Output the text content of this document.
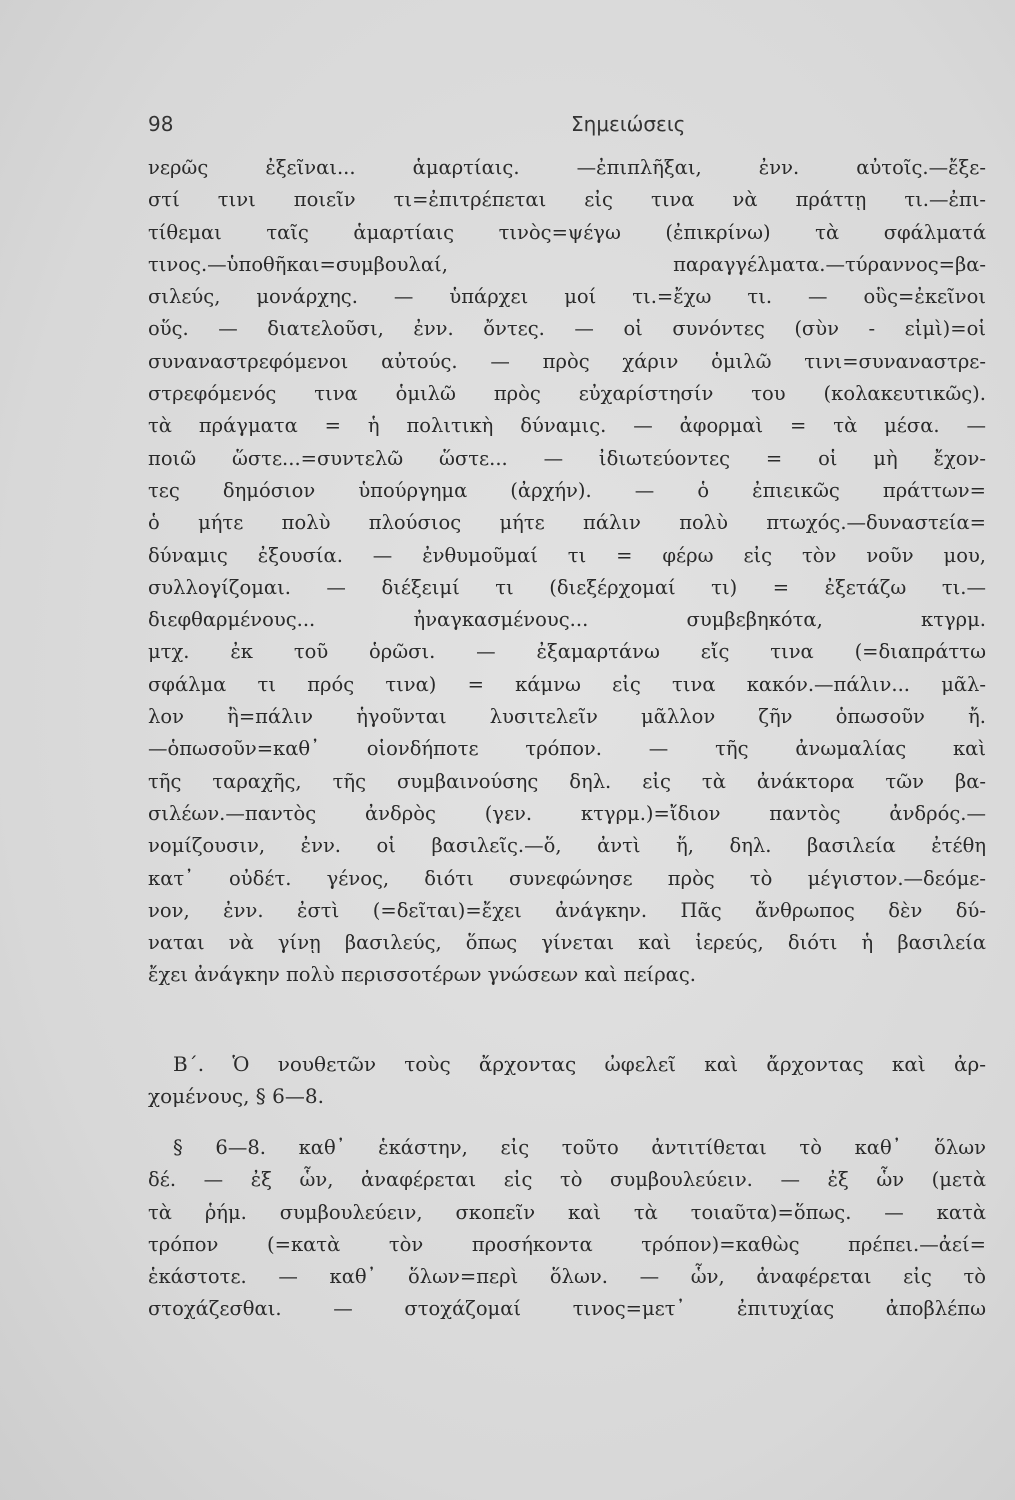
98	Σημειώσεις
νερῶς ἐξεῖναι... ἁμαρτίαις. —ἐπιπλῆξαι, ἐνν. αὐτοῖς.—ἔξε-
στί τινι ποιεῖν τι=ἐπιτρέπεται εἰς τινα νὰ πράττῃ τι.—ἐπι-
τίθεμαι ταῖς ἁμαρτίαις τινὸς=ψέγω (ἐπικρίνω) τὰ σφάλματά
τινος.—ὑποθῆκαι=συμβουλαί, παραγγέλματα.—τύραννος=βα-
σιλεύς, μονάρχης. — ὑπάρχει μοί τι.=ἔχω τι. — οὓς=ἐκεῖνοι
οὕς. — διατελοῦσι, ἐνν. ὄντες. — οἱ συνόντες (σὺν - εἰμὶ)=οἱ
συναναστρεφόμενοι αὐτούς. — πρὸς χάριν ὁμιλῶ τινι=συναναστρε-
στρεφόμενός τινα ὁμιλῶ πρὸς εὐχαρίστησίν του (κολακευτικῶς).
τὰ πράγματα = ἡ πολιτικὴ δύναμις. — ἀφορμαὶ = τὰ μέσα. —
ποιῶ ὥστε...=συντελῶ ὥστε... — ἰδιωτεύοντες = οἱ μὴ ἔχον-
τες δημόσιον ὑπούργημα (ἀρχήν). — ὁ ἐπιεικῶς πράττων=
ὁ μήτε πολὺ πλούσιος μήτε πάλιν πολὺ πτωχός.—δυναστεία=
δύναμις ἐξουσία. — ἐνθυμοῦμαί τι = φέρω εἰς τὸν νοῦν μου,
συλλογίζομαι. — διέξειμί τι (διεξέρχομαί τι) = ἐξετάζω τι.—
διεφθαρμένους... ἠναγκασμένους... συμβεβηκότα, κτγρμ.
μτχ. ἐκ τοῦ ὁρῶσι. — ἐξαμαρτάνω εἴς τινα (=διαπράττω
σφάλμα τι πρός τινα) = κάμνω εἰς τινα κακόν.—πάλιν... μᾶλ-
λον ἢ=πάλιν ἡγοῦνται λυσιτελεῖν μᾶλλον ζῆν ὁπωσοῦν ἤ.
—ὁπωσοῦν=καθ᾽ οἱονδήποτε τρόπον. — τῆς ἀνωμαλίας καὶ
τῆς ταραχῆς, τῆς συμβαινούσης δηλ. εἰς τὰ ἀνάκτορα τῶν βα-
σιλέων.—παντὸς ἀνδρὸς (γεν. κτγρμ.)=ἴδιον παντὸς ἀνδρός.—
νομίζουσιν, ἐνν. οἱ βασιλεῖς.—ὅ, ἀντὶ ἥ, δηλ. βασιλεία ἐτέθη
κατ᾽ οὐδέτ. γένος, διότι συνεφώνησε πρὸς τὸ μέγιστον.—δεόμε-
νον, ἐνν. ἐστὶ (=δεῖται)=ἔχει ἀνάγκην. Πᾶς ἄνθρωπος δὲν δύ-
ναται νὰ γίνῃ βασιλεύς, ὅπως γίνεται καὶ ἱερεύς, διότι ἡ βασιλεία
ἔχει ἀνάγκην πολὺ περισσοτέρων γνώσεων καὶ πείρας.
Β΄. Ὁ νουθετῶν τοὺς ἄρχοντας ὠφελεῖ καὶ ἄρχοντας καὶ ἀρ-
χομένους, § 6—8.
§ 6—8. καθ᾽ ἑκάστην, εἰς τοῦτο ἀντιτίθεται τὸ καθ᾽ ὅλων
δέ. — ἐξ ὧν, ἀναφέρεται εἰς τὸ συμβουλεύειν. — ἐξ ὧν (μετὰ
τὰ ῥήμ. συμβουλεύειν, σκοπεῖν καὶ τὰ τοιαῦτα)=ὅπως. — κατὰ
τρόπον (=κατὰ τὸν προσήκοντα τρόπον)=καθὼς πρέπει.—ἀεί=
ἑκάστοτε. — καθ᾽ ὅλων=περὶ ὅλων. — ὧν, ἀναφέρεται εἰς τὸ
στοχάζεσθαι. — στοχάζομαί τινος=μετ᾽ ἐπιτυχίας ἀποβλέπω
